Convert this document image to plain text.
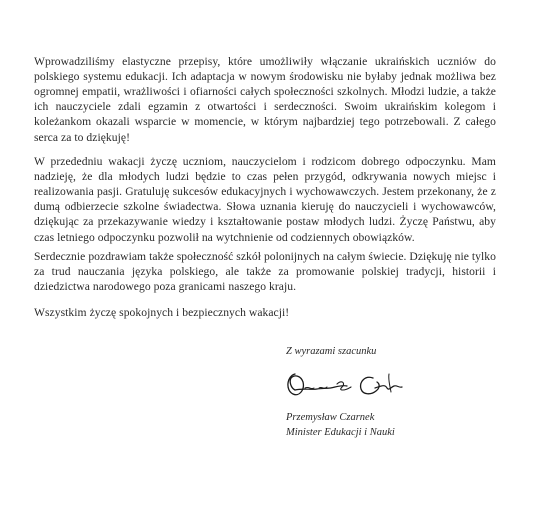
Wprowadziliśmy elastyczne przepisy, które umożliwiły włączanie ukraińskich uczniów do polskiego systemu edukacji. Ich adaptacja w nowym środowisku nie byłaby jednak możliwa bez ogromnej empatii, wrażliwości i ofiarności całych społeczności szkolnych. Młodzi ludzie, a także ich nauczyciele zdali egzamin z otwartości i serdeczności. Swoim ukraińskim kolegom i koleżankom okazali wsparcie w momencie, w którym najbardziej tego potrzebowali. Z całego serca za to dziękuję!

W przededniu wakacji życzę uczniom, nauczycielom i rodzicom dobrego odpoczynku. Mam nadzieję, że dla młodych ludzi będzie to czas pełen przygód, odkrywania nowych miejsc i realizowania pasji. Gratuluję sukcesów edukacyjnych i wychowawczych. Jestem przekonany, że z dumą odbierzecie szkolne świadectwa. Słowa uznania kieruję do nauczycieli i wychowawców, dziękując za przekazywanie wiedzy i kształtowanie postaw młodych ludzi. Życzę Państwu, aby czas letniego odpoczynku pozwolił na wytchnienie od codziennych obowiązków.

Serdecznie pozdrawiam także społeczność szkół polonijnych na całym świecie. Dziękuję nie tylko za trud nauczania języka polskiego, ale także za promowanie polskiej tradycji, historii i dziedzictwa narodowego poza granicami naszego kraju.

Wszystkim życzę spokojnych i bezpiecznych wakacji!

Z wyrazami szacunku
Przemysław Czarnek
Minister Edukacji i Nauki
